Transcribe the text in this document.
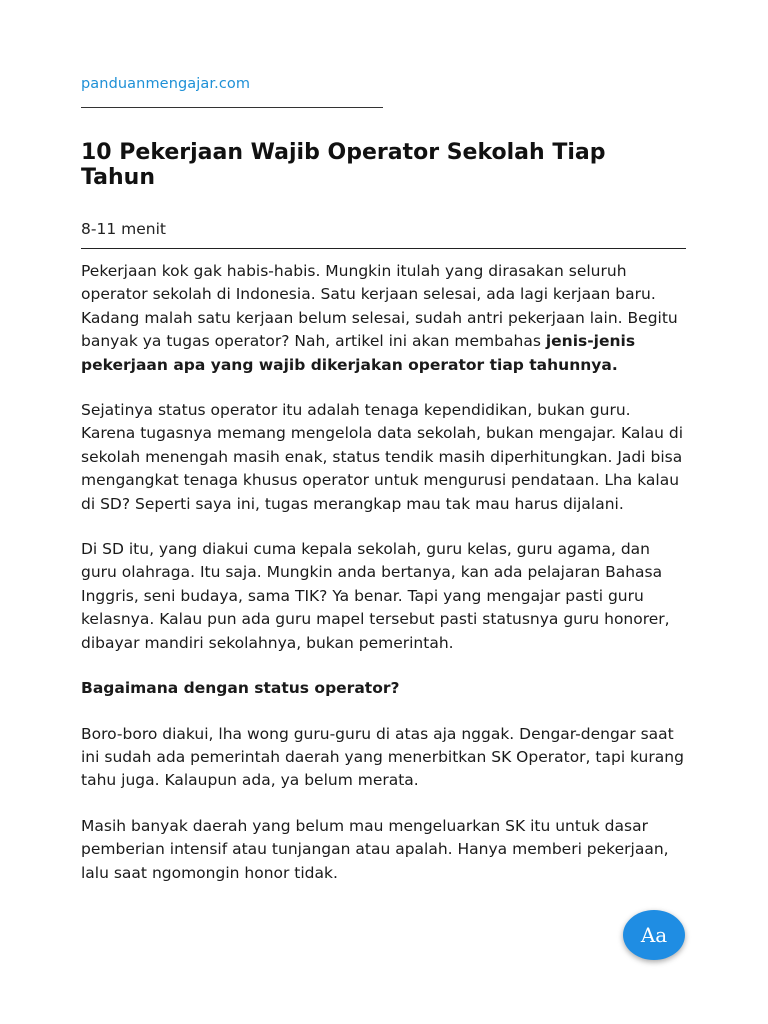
panduanmengajar.com
10 Pekerjaan Wajib Operator Sekolah Tiap Tahun
8-11 menit

Pekerjaan kok gak habis-habis. Mungkin itulah yang dirasakan seluruh operator sekolah di Indonesia. Satu kerjaan selesai, ada lagi kerjaan baru. Kadang malah satu kerjaan belum selesai, sudah antri pekerjaan lain. Begitu banyak ya tugas operator? Nah, artikel ini akan membahas jenis-jenis pekerjaan apa yang wajib dikerjakan operator tiap tahunnya.

Sejatinya status operator itu adalah tenaga kependidikan, bukan guru. Karena tugasnya memang mengelola data sekolah, bukan mengajar. Kalau di sekolah menengah masih enak, status tendik masih diperhitungkan. Jadi bisa mengangkat tenaga khusus operator untuk mengurusi pendataan. Lha kalau di SD? Seperti saya ini, tugas merangkap mau tak mau harus dijalani.

Di SD itu, yang diakui cuma kepala sekolah, guru kelas, guru agama, dan guru olahraga. Itu saja. Mungkin anda bertanya, kan ada pelajaran Bahasa Inggris, seni budaya, sama TIK? Ya benar. Tapi yang mengajar pasti guru kelasnya. Kalau pun ada guru mapel tersebut pasti statusnya guru honorer, dibayar mandiri sekolahnya, bukan pemerintah.

Bagaimana dengan status operator?

Boro-boro diakui, lha wong guru-guru di atas aja nggak. Dengar-dengar saat ini sudah ada pemerintah daerah yang menerbitkan SK Operator, tapi kurang tahu juga. Kalaupun ada, ya belum merata.

Masih banyak daerah yang belum mau mengeluarkan SK itu untuk dasar pemberian intensif atau tunjangan atau apalah. Hanya memberi pekerjaan, lalu saat ngomongin honor tidak.

Aa
